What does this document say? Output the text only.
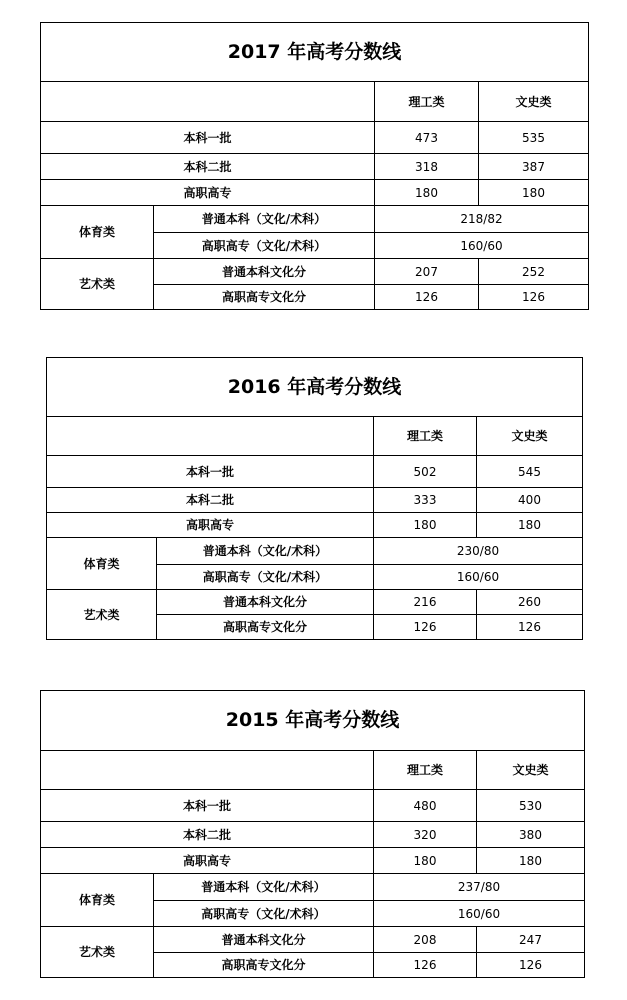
2017 年高考分数线			
		理工类	文史类
本科一批		473	535
本科二批		318	387
高职高专		180	180
体育类	普通本科（文化/术科）	218/82	
	高职高专（文化/术科）	160/60	
艺术类	普通本科文化分	207	252
	高职高专文化分	126	126
2016 年高考分数线			
		理工类	文史类
本科一批		502	545
本科二批		333	400
高职高专		180	180
体育类	普通本科（文化/术科）	230/80	
	高职高专（文化/术科）	160/60	
艺术类	普通本科文化分	216	260
	高职高专文化分	126	126
2015 年高考分数线			
		理工类	文史类
本科一批		480	530
本科二批		320	380
高职高专		180	180
体育类	普通本科（文化/术科）	237/80	
	高职高专（文化/术科）	160/60	
艺术类	普通本科文化分	208	247
	高职高专文化分	126	126
